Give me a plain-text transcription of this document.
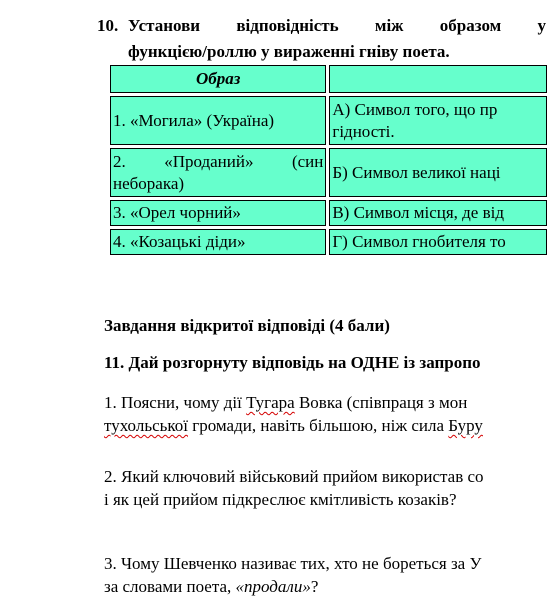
10. Установи відповідність між образом у
функцією/роллю у вираженні гніву поета.
Образ	
1. «Могила» (Україна)	А) Символ того, що пр
гідності.

2. «Проданий» (син
неборака)	Б) Символ великої наці
3. «Орел чорний»	В) Символ місця, де від
4. «Козацькі діди»	Г) Символ гнобителя то
Завдання відкритої відповіді (4 бали)
11. Дай розгорнуту відповідь на ОДНЕ із запропо
1. Поясни, чому дії Тугара Вовка (співпраця з мон
тухольської громади, навіть більшою, ніж сила Буру
2. Який ключовий військовий прийом використав со
і як цей прийом підкреслює кмітливість козаків?
3. Чому Шевченко називає тих, хто не бореться за У
за словами поета, «продали»?
